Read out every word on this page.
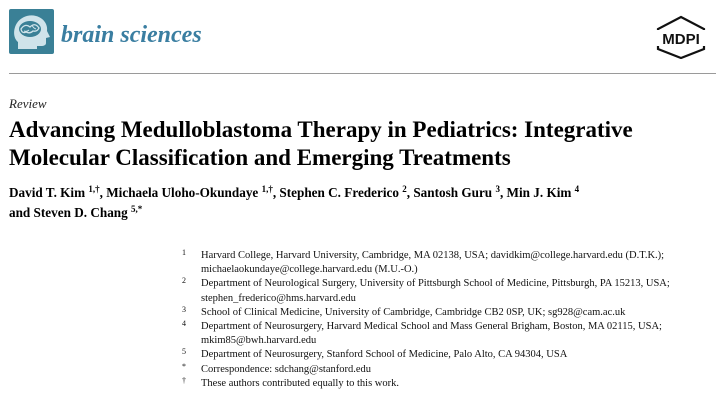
brain sciences	MDPI
Review
Advancing Medulloblastoma Therapy in Pediatrics: Integrative Molecular Classification and Emerging Treatments
David T. Kim $^{1,\dagger}$, Michaela Uloho-Okundaye $^{1,\dagger}$, Stephen C. Frederico $^2$, Santosh Guru $^3$, Min J. Kim $^4$
and Steven D. Chang $^{5,*}$
1 Harvard College, Harvard University, Cambridge, MA 02138, USA; davidkim@college.harvard.edu (D.T.K.); michaelaokundaye@college.harvard.edu (M.U.-O.)
2 Department of Neurological Surgery, University of Pittsburgh School of Medicine, Pittsburgh, PA 15213, USA; stephen_frederico@hms.harvard.edu
3 School of Clinical Medicine, University of Cambridge, Cambridge CB2 0SP, UK; sg928@cam.ac.uk
4 Department of Neurosurgery, Harvard Medical School and Mass General Brigham, Boston, MA 02115, USA; mkim85@bwh.harvard.edu
5 Department of Neurosurgery, Stanford School of Medicine, Palo Alto, CA 94304, USA
* Correspondence: sdchang@stanford.edu
† These authors contributed equally to this work.
